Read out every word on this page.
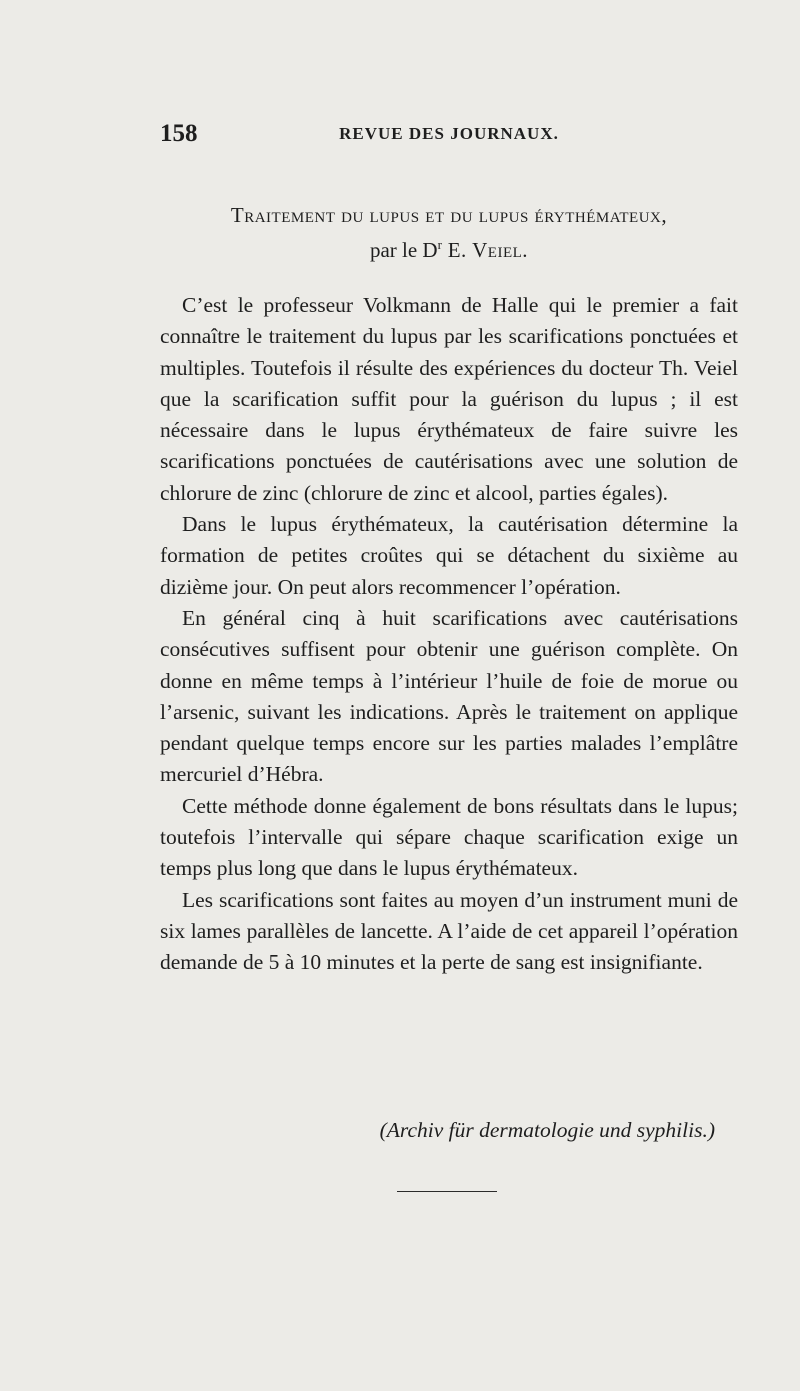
158	REVUE DES JOURNAUX.
Traitement du lupus et du lupus érythémateux,
par le $D^r$ E. Veiel.

C’est le professeur Volkmann de Halle qui le premier a fait connaître le traitement du lupus par les scarifications ponctuées et multiples. Toutefois il résulte des expériences du docteur Th. Veiel que la scarification suffit pour la guérison du lupus ; il est nécessaire dans le lupus érythémateux de faire suivre les scarifications ponctuées de cautérisations avec une solution de chlorure de zinc (chlorure de zinc et alcool, parties égales).

Dans le lupus érythémateux, la cautérisation détermine la formation de petites croûtes qui se détachent du sixième au dizième jour. On peut alors recommencer l’opération.

En général cinq à huit scarifications avec cautérisations consécutives suffisent pour obtenir une guérison complète. On donne en même temps à l’intérieur l’huile de foie de morue ou l’arsenic, suivant les indications. Après le traitement on applique pendant quelque temps encore sur les parties malades l’emplâtre mercuriel d’Hébra.

Cette méthode donne également de bons résultats dans le lupus; toutefois l’intervalle qui sépare chaque scarification exige un temps plus long que dans le lupus érythémateux.

Les scarifications sont faites au moyen d’un instrument muni de six lames parallèles de lancette. A l’aide de cet appareil l’opération demande de 5 à 10 minutes et la perte de sang est insignifiante.

(Archiv für dermatologie und syphilis.)
